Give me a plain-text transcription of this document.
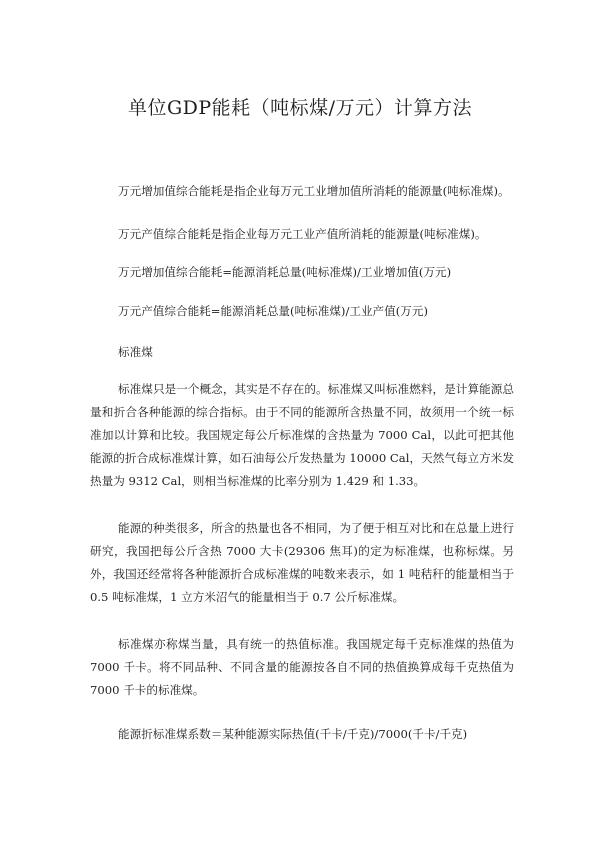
单位GDP能耗（吨标煤/万元）计算方法

万元增加值综合能耗是指企业每万元工业增加值所消耗的能源量(吨标准煤)。

万元产值综合能耗是指企业每万元工业产值所消耗的能源量(吨标准煤)。

万元增加值综合能耗=能源消耗总量(吨标准煤)/工业增加值(万元)

万元产值综合能耗=能源消耗总量(吨标准煤)/工业产值(万元)

标准煤

标准煤只是一个概念，其实是不存在的。标准煤又叫标准燃料，是计算能源总量和折合各种能源的综合指标。由于不同的能源所含热量不同，故须用一个统一标准加以计算和比较。我国规定每公斤标准煤的含热量为 7000 Cal，以此可把其他能源的折合成标准煤计算，如石油每公斤发热量为 10000 Cal，天然气每立方米发热量为 9312 Cal，则相当标准煤的比率分别为 1.429 和 1.33。

能源的种类很多，所含的热量也各不相同，为了便于相互对比和在总量上进行研究，我国把每公斤含热 7000 大卡(29306 焦耳)的定为标准煤，也称标煤。另外，我国还经常将各种能源折合成标准煤的吨数来表示，如 1 吨秸秆的能量相当于 0.5 吨标准煤，1 立方米沼气的能量相当于 0.7 公斤标准煤。

标准煤亦称煤当量，具有统一的热值标准。我国规定每千克标准煤的热值为 7000 千卡。将不同品种、不同含量的能源按各自不同的热值换算成每千克热值为 7000 千卡的标准煤。

能源折标准煤系数＝某种能源实际热值(千卡/千克)/7000(千卡/千克)
